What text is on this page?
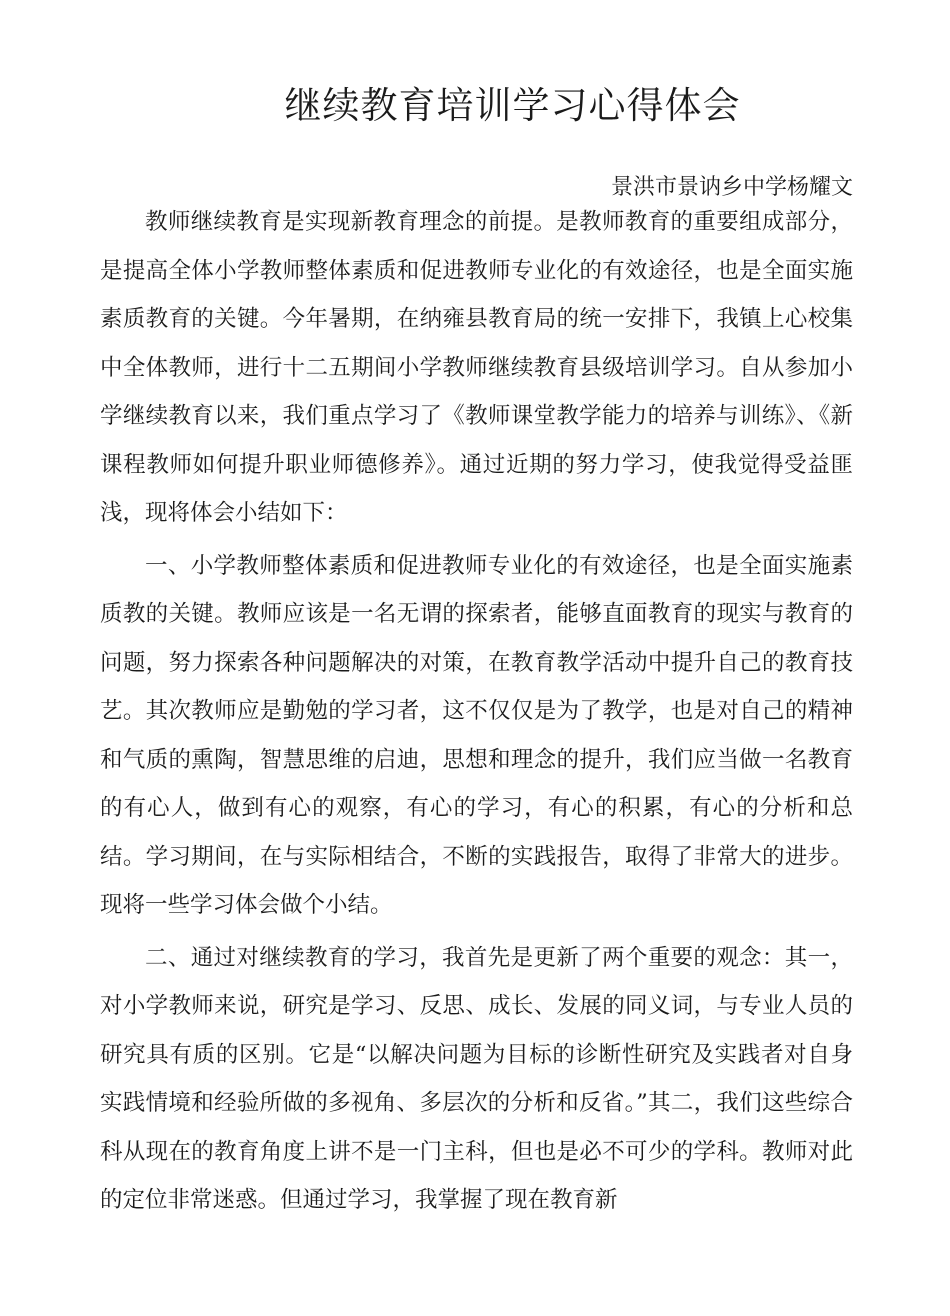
继续教育培训学习心得体会

景洪市景讷乡中学杨耀文

教师继续教育是实现新教育理念的前提。是教师教育的重要组成部分，是提高全体小学教师整体素质和促进教师专业化的有效途径，也是全面实施素质教育的关键。今年暑期，在纳雍县教育局的统一安排下，我镇上心校集中全体教师，进行十二五期间小学教师继续教育县级培训学习。自从参加小学继续教育以来，我们重点学习了《教师课堂教学能力的培养与训练》、《新课程教师如何提升职业师德修养》。通过近期的努力学习，使我觉得受益匪浅，现将体会小结如下：

一、小学教师整体素质和促进教师专业化的有效途径，也是全面实施素质教的关键。教师应该是一名无谓的探索者，能够直面教育的现实与教育的问题，努力探索各种问题解决的对策，在教育教学活动中提升自己的教育技艺。其次教师应是勤勉的学习者，这不仅仅是为了教学，也是对自己的精神和气质的熏陶，智慧思维的启迪，思想和理念的提升，我们应当做一名教育的有心人，做到有心的观察，有心的学习，有心的积累，有心的分析和总结。学习期间，在与实际相结合，不断的实践报告，取得了非常大的进步。现将一些学习体会做个小结。

二、通过对继续教育的学习，我首先是更新了两个重要的观念：其一，对小学教师来说，研究是学习、反思、成长、发展的同义词，与专业人员的研究具有质的区别。它是“以解决问题为目标的诊断性研究及实践者对自身实践情境和经验所做的多视角、多层次的分析和反省。”其二，我们这些综合科从现在的教育角度上讲不是一门主科，但也是必不可少的学科。教师对此的定位非常迷惑。但通过学习，我掌握了现在教育新
